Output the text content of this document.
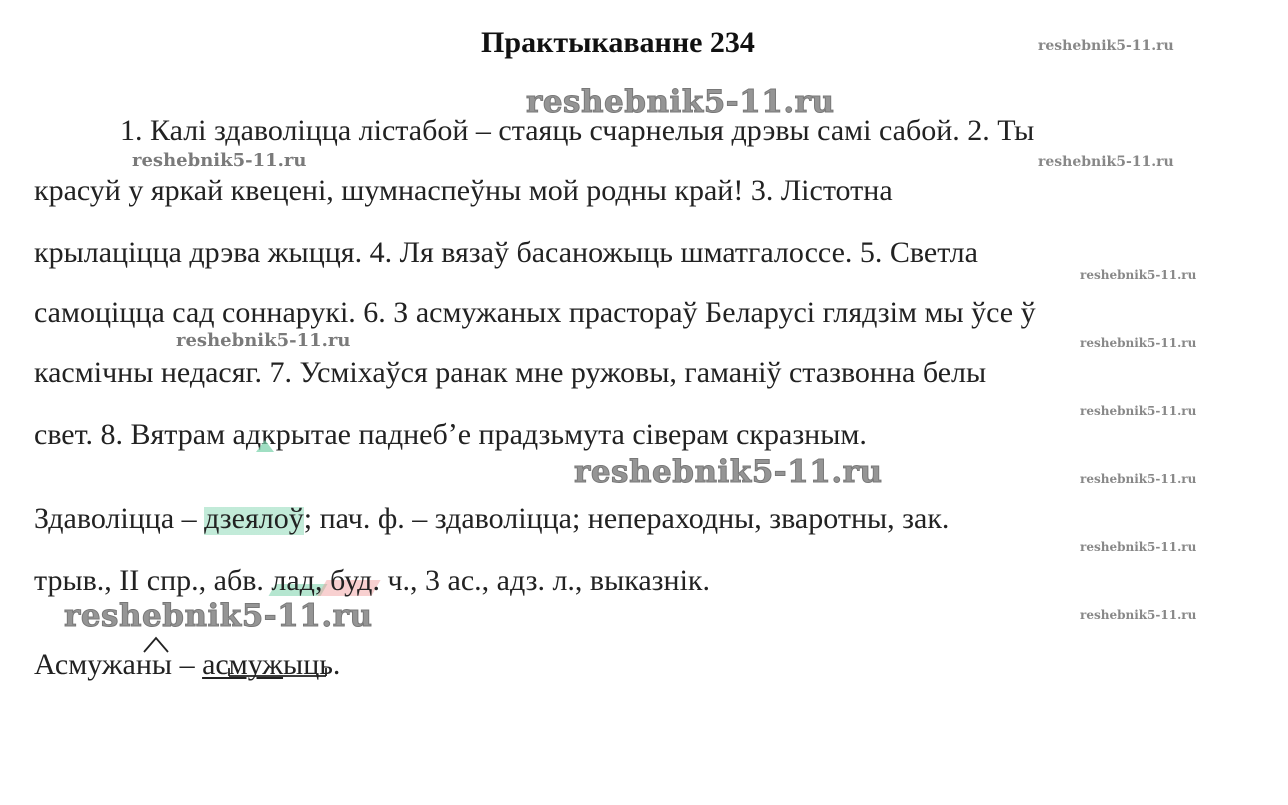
Практыкаванне 234
1. Калі здаволіцца лістабой – стаяць счарнелыя дрэвы самі сабой. 2. Ты
красуй у яркай квецені, шумнаспеўны мой родны край! 3. Лістотна
крылаціцца дрэва жыцця. 4. Ля вязаў басаножыць шматгалоссе. 5. Светла
самоціцца сад соннарукі. 6. З асмужаных прастораў Беларусі глядзім мы ўсе ў
касмічны недасяг. 7. Усміхаўся ранак мне ружовы, гаманіў стазвонна белы
свет. 8. Вятрам адкрытае паднебʼе прадзьмута сіверам скразным.
Здаволіцца – дзеялоў; пач. ф. – здаволіцца; непераходны, зваротны, зак.
трыв., II спр., абв. лад, буд. ч., 3 ас., адз. л., выказнік.
Асмужаны – асмужыць.
reshebnik5-11.ru
reshebnik5-11.ru
reshebnik5-11.ru
reshebnik5-11.ru
reshebnik5-11.ru
reshebnik5-11.ru
reshebnik5-11.ru
reshebnik5-11.ru
reshebnik5-11.ru
reshebnik5-11.ru
reshebnik5-11.ru
reshebnik5-11.ru
reshebnik5-11.ru
